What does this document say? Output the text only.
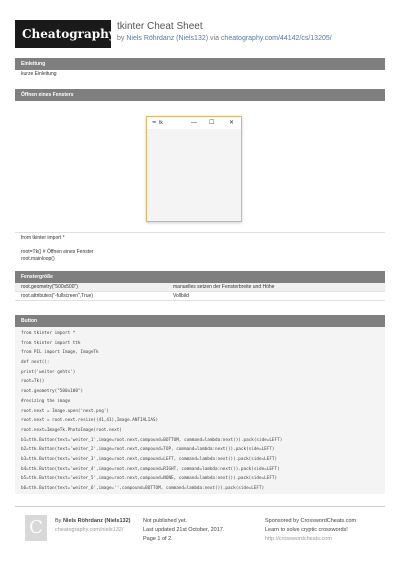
Cheatography
tkinter Cheat Sheet
by Niels Röhrdanz (Niels132) via cheatography.com/44142/cs/13205/
Einleitung
kurze Einleitung
Öffnen eines Fensters
✒ tk	— ☐ ✕
from tkinter import *
root=Tk() # Öffnen eines Fenster
root.mainloop()
Fenstergröße
root.geometry("500x500")	manuelles setzen der Fensterbreite und Höhe
root.attributes("-fullscreen",True)	Vollbild
Button
from tkinter import *
from tkinter import ttk
from PIL import Image, ImageTk
def next():
print('weiter gehts')
root=Tk()
root.geometry("500x100")
#resizing the image
root.next = Image.open('next.png')
root.next = root.next.resize((41,41),Image.ANTIALIAS)
root.next=ImageTk.PhotoImage(root.next)
b1=ttk.Button(text='weiter_1',image=root.next,compound=BOTTOM, command=lambda:next()).pack(side=LEFT)
b2=ttk.Button(text='weiter_2',image=root.next,compound=TOP, command=lambda:next()).pack(side=LEFT)
b3=ttk.Button(text='weiter_3',image=root.next,compound=LEFT, command=lambda:next()).pack(side=LEFT)
b4=ttk.Button(text='weiter_4',image=root.next,compound=RIGHT, command=lambda:next()).pack(side=LEFT)
b5=ttk.Button(text='weiter_5',image=root.next,compound=NONE, command=lambda:next()).pack(side=LEFT)
b6=ttk.Button(text='weiter_6',image='',compound=BOTTOM, command=lambda:next()).pack(side=LEFT)
C	By Niels Röhrdanz (Niels132)
cheatography.com/niels132/
Not published yet.
Last updated 21st October, 2017.
Page 1 of 2.
Sponsored by CrosswordCheats.com
Learn to solve cryptic crosswords!
http://crosswordcheats.com
